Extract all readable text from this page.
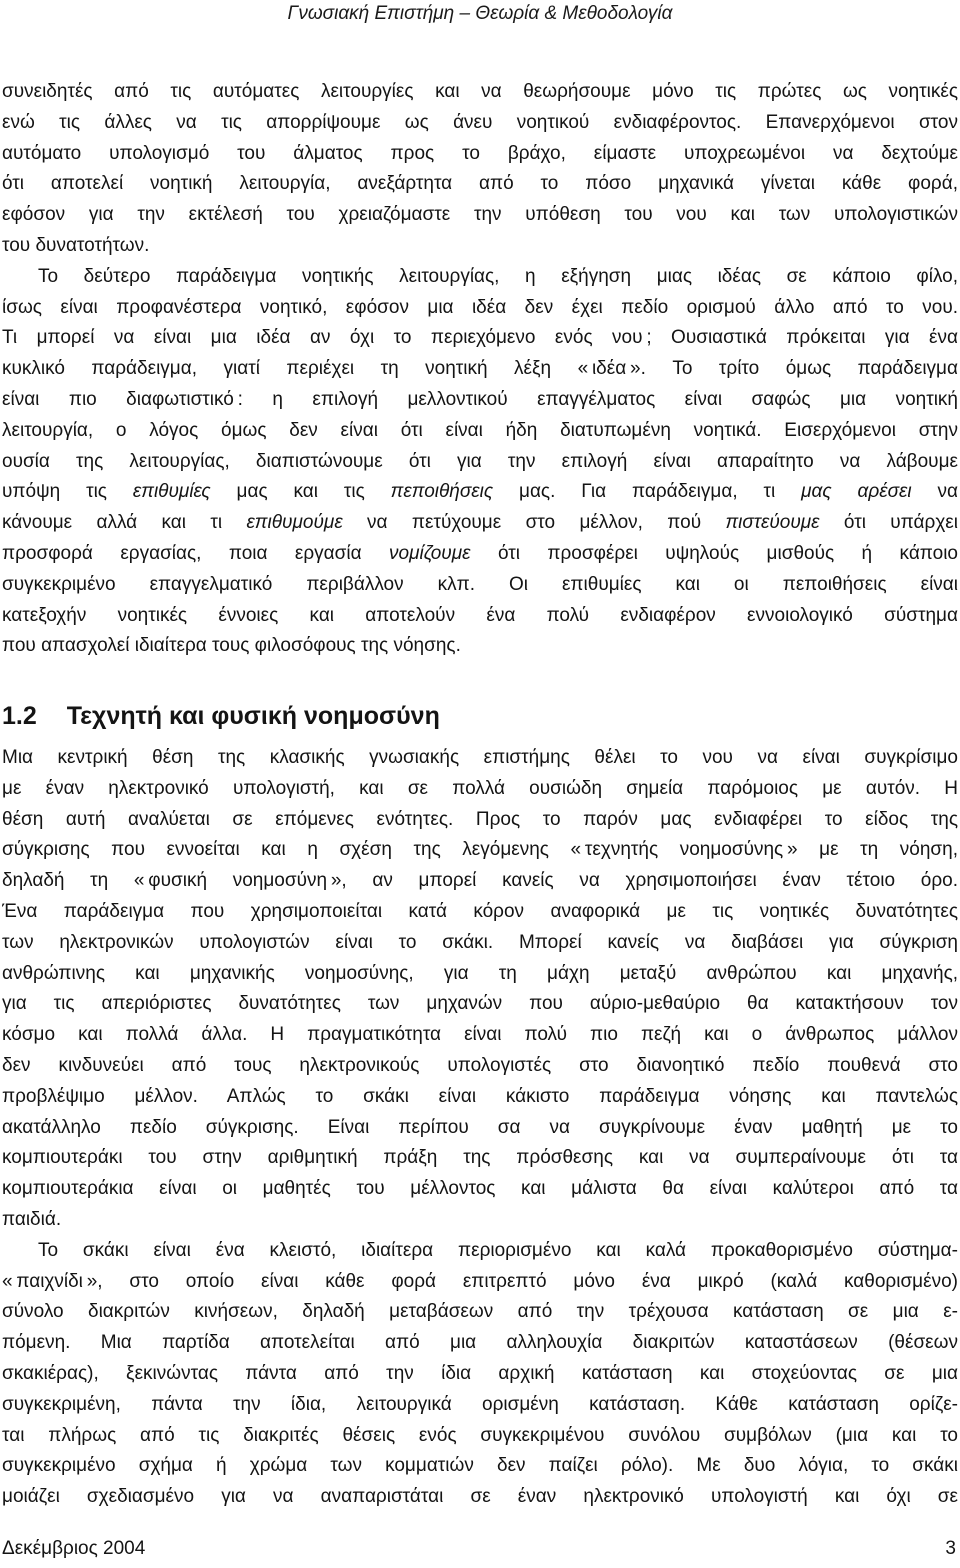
Γνωσιακή Επιστήμη – Θεωρία & Μεθοδολογία
συνειδητές από τις αυτόματες λειτουργίες και να θεωρήσουμε μόνο τις πρώτες ως νοητικές
ενώ τις άλλες να τις απορρίψουμε ως άνευ νοητικού ενδιαφέροντος. Επανερχόμενοι στον
αυτόματο υπολογισμό του άλματος προς το βράχο, είμαστε υποχρεωμένοι να δεχτούμε
ότι αποτελεί νοητική λειτουργία, ανεξάρτητα από το πόσο μηχανικά γίνεται κάθε φορά,
εφόσον για την εκτέλεσή του χρειαζόμαστε την υπόθεση του νου και των υπολογιστικών
του δυνατοτήτων.
Το δεύτερο παράδειγμα νοητικής λειτουργίας, η εξήγηση μιας ιδέας σε κάποιο φίλο,
ίσως είναι προφανέστερα νοητικό, εφόσον μια ιδέα δεν έχει πεδίο ορισμού άλλο από το νου.
Τι μπορεί να είναι μια ιδέα αν όχι το περιεχόμενο ενός νου ; Ουσιαστικά πρόκειται για ένα
κυκλικό παράδειγμα, γιατί περιέχει τη νοητική λέξη « ιδέα ». Το τρίτο όμως παράδειγμα
είναι πιο διαφωτιστικό : η επιλογή μελλοντικού επαγγέλματος είναι σαφώς μια νοητική
λειτουργία, ο λόγος όμως δεν είναι ότι είναι ήδη διατυπωμένη νοητικά. Εισερχόμενοι στην
ουσία της λειτουργίας, διαπιστώνουμε ότι για την επιλογή είναι απαραίτητο να λάβουμε
υπόψη τις επιθυμίες μας και τις πεποιθήσεις μας. Για παράδειγμα, τι μας αρέσει να
κάνουμε αλλά και τι επιθυμούμε να πετύχουμε στο μέλλον, πού πιστεύουμε ότι υπάρχει
προσφορά εργασίας, ποια εργασία νομίζουμε ότι προσφέρει υψηλούς μισθούς ή κάποιο
συγκεκριμένο επαγγελματικό περιβάλλον κλπ. Οι επιθυμίες και οι πεποιθήσεις είναι
κατεξοχήν νοητικές έννοιες και αποτελούν ένα πολύ ενδιαφέρον εννοιολογικό σύστημα
που απασχολεί ιδιαίτερα τους φιλοσόφους της νόησης.
1.2 Τεχνητή και φυσική νοημοσύνη
Μια κεντρική θέση της κλασικής γνωσιακής επιστήμης θέλει το νου να είναι συγκρίσιμο
με έναν ηλεκτρονικό υπολογιστή, και σε πολλά ουσιώδη σημεία παρόμοιος με αυτόν. Η
θέση αυτή αναλύεται σε επόμενες ενότητες. Προς το παρόν μας ενδιαφέρει το είδος της
σύγκρισης που εννοείται και η σχέση της λεγόμενης « τεχνητής νοημοσύνης » με τη νόηση,
δηλαδή τη « φυσική νοημοσύνη », αν μπορεί κανείς να χρησιμοποιήσει έναν τέτοιο όρο.
Ένα παράδειγμα που χρησιμοποιείται κατά κόρον αναφορικά με τις νοητικές δυνατότητες
των ηλεκτρονικών υπολογιστών είναι το σκάκι. Μπορεί κανείς να διαβάσει για σύγκριση
ανθρώπινης και μηχανικής νοημοσύνης, για τη μάχη μεταξύ ανθρώπου και μηχανής,
για τις απεριόριστες δυνατότητες των μηχανών που αύριο-μεθαύριο θα κατακτήσουν τον
κόσμο και πολλά άλλα. Η πραγματικότητα είναι πολύ πιο πεζή και ο άνθρωπος μάλλον
δεν κινδυνεύει από τους ηλεκτρονικούς υπολογιστές στο διανοητικό πεδίο πουθενά στο
προβλέψιμο μέλλον. Απλώς το σκάκι είναι κάκιστο παράδειγμα νόησης και παντελώς
ακατάλληλο πεδίο σύγκρισης. Είναι περίπου σα να συγκρίνουμε έναν μαθητή με το
κομπιουτεράκι του στην αριθμητική πράξη της πρόσθεσης και να συμπεραίνουμε ότι τα
κομπιουτεράκια είναι οι μαθητές του μέλλοντος και μάλιστα θα είναι καλύτεροι από τα
παιδιά.
Το σκάκι είναι ένα κλειστό, ιδιαίτερα περιορισμένο και καλά προκαθορισμένο σύστημα-
« παιχνίδι », στο οποίο είναι κάθε φορά επιτρεπτό μόνο ένα μικρό (καλά καθορισμένο)
σύνολο διακριτών κινήσεων, δηλαδή μεταβάσεων από την τρέχουσα κατάσταση σε μια ε-
πόμενη. Μια παρτίδα αποτελείται από μια αλληλουχία διακριτών καταστάσεων (θέσεων
σκακιέρας), ξεκινώντας πάντα από την ίδια αρχική κατάσταση και στοχεύοντας σε μια
συγκεκριμένη, πάντα την ίδια, λειτουργικά ορισμένη κατάσταση. Κάθε κατάσταση ορίζε-
ται πλήρως από τις διακριτές θέσεις ενός συγκεκριμένου συνόλου συμβόλων (μια και το
συγκεκριμένο σχήμα ή χρώμα των κομματιών δεν παίζει ρόλο). Με δυο λόγια, το σκάκι
μοιάζει σχεδιασμένο για να αναπαριστάται σε έναν ηλεκτρονικό υπολογιστή και όχι σε
Δεκέμβριος 2004	3
